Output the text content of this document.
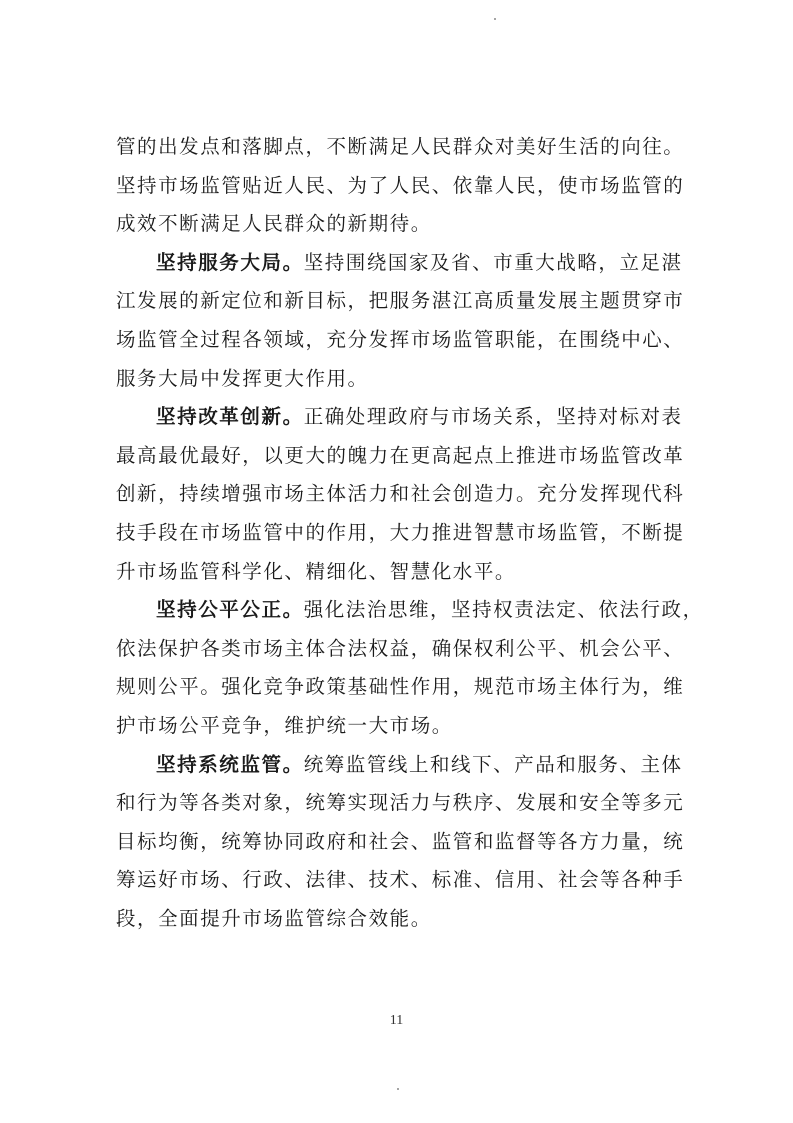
管的出发点和落脚点，不断满足人民群众对美好生活的向往。
坚持市场监管贴近人民、为了人民、依靠人民，使市场监管的
成效不断满足人民群众的新期待。
坚持服务大局。坚持围绕国家及省、市重大战略，立足湛
江发展的新定位和新目标，把服务湛江高质量发展主题贯穿市
场监管全过程各领域，充分发挥市场监管职能，在围绕中心、
服务大局中发挥更大作用。
坚持改革创新。正确处理政府与市场关系，坚持对标对表
最高最优最好，以更大的魄力在更高起点上推进市场监管改革
创新，持续增强市场主体活力和社会创造力。充分发挥现代科
技手段在市场监管中的作用，大力推进智慧市场监管，不断提
升市场监管科学化、精细化、智慧化水平。
坚持公平公正。强化法治思维，坚持权责法定、依法行政，
依法保护各类市场主体合法权益，确保权利公平、机会公平、
规则公平。强化竞争政策基础性作用，规范市场主体行为，维
护市场公平竞争，维护统一大市场。
坚持系统监管。统筹监管线上和线下、产品和服务、主体
和行为等各类对象，统筹实现活力与秩序、发展和安全等多元
目标均衡，统筹协同政府和社会、监管和监督等各方力量，统
筹运好市场、行政、法律、技术、标准、信用、社会等各种手
段，全面提升市场监管综合效能。
11
